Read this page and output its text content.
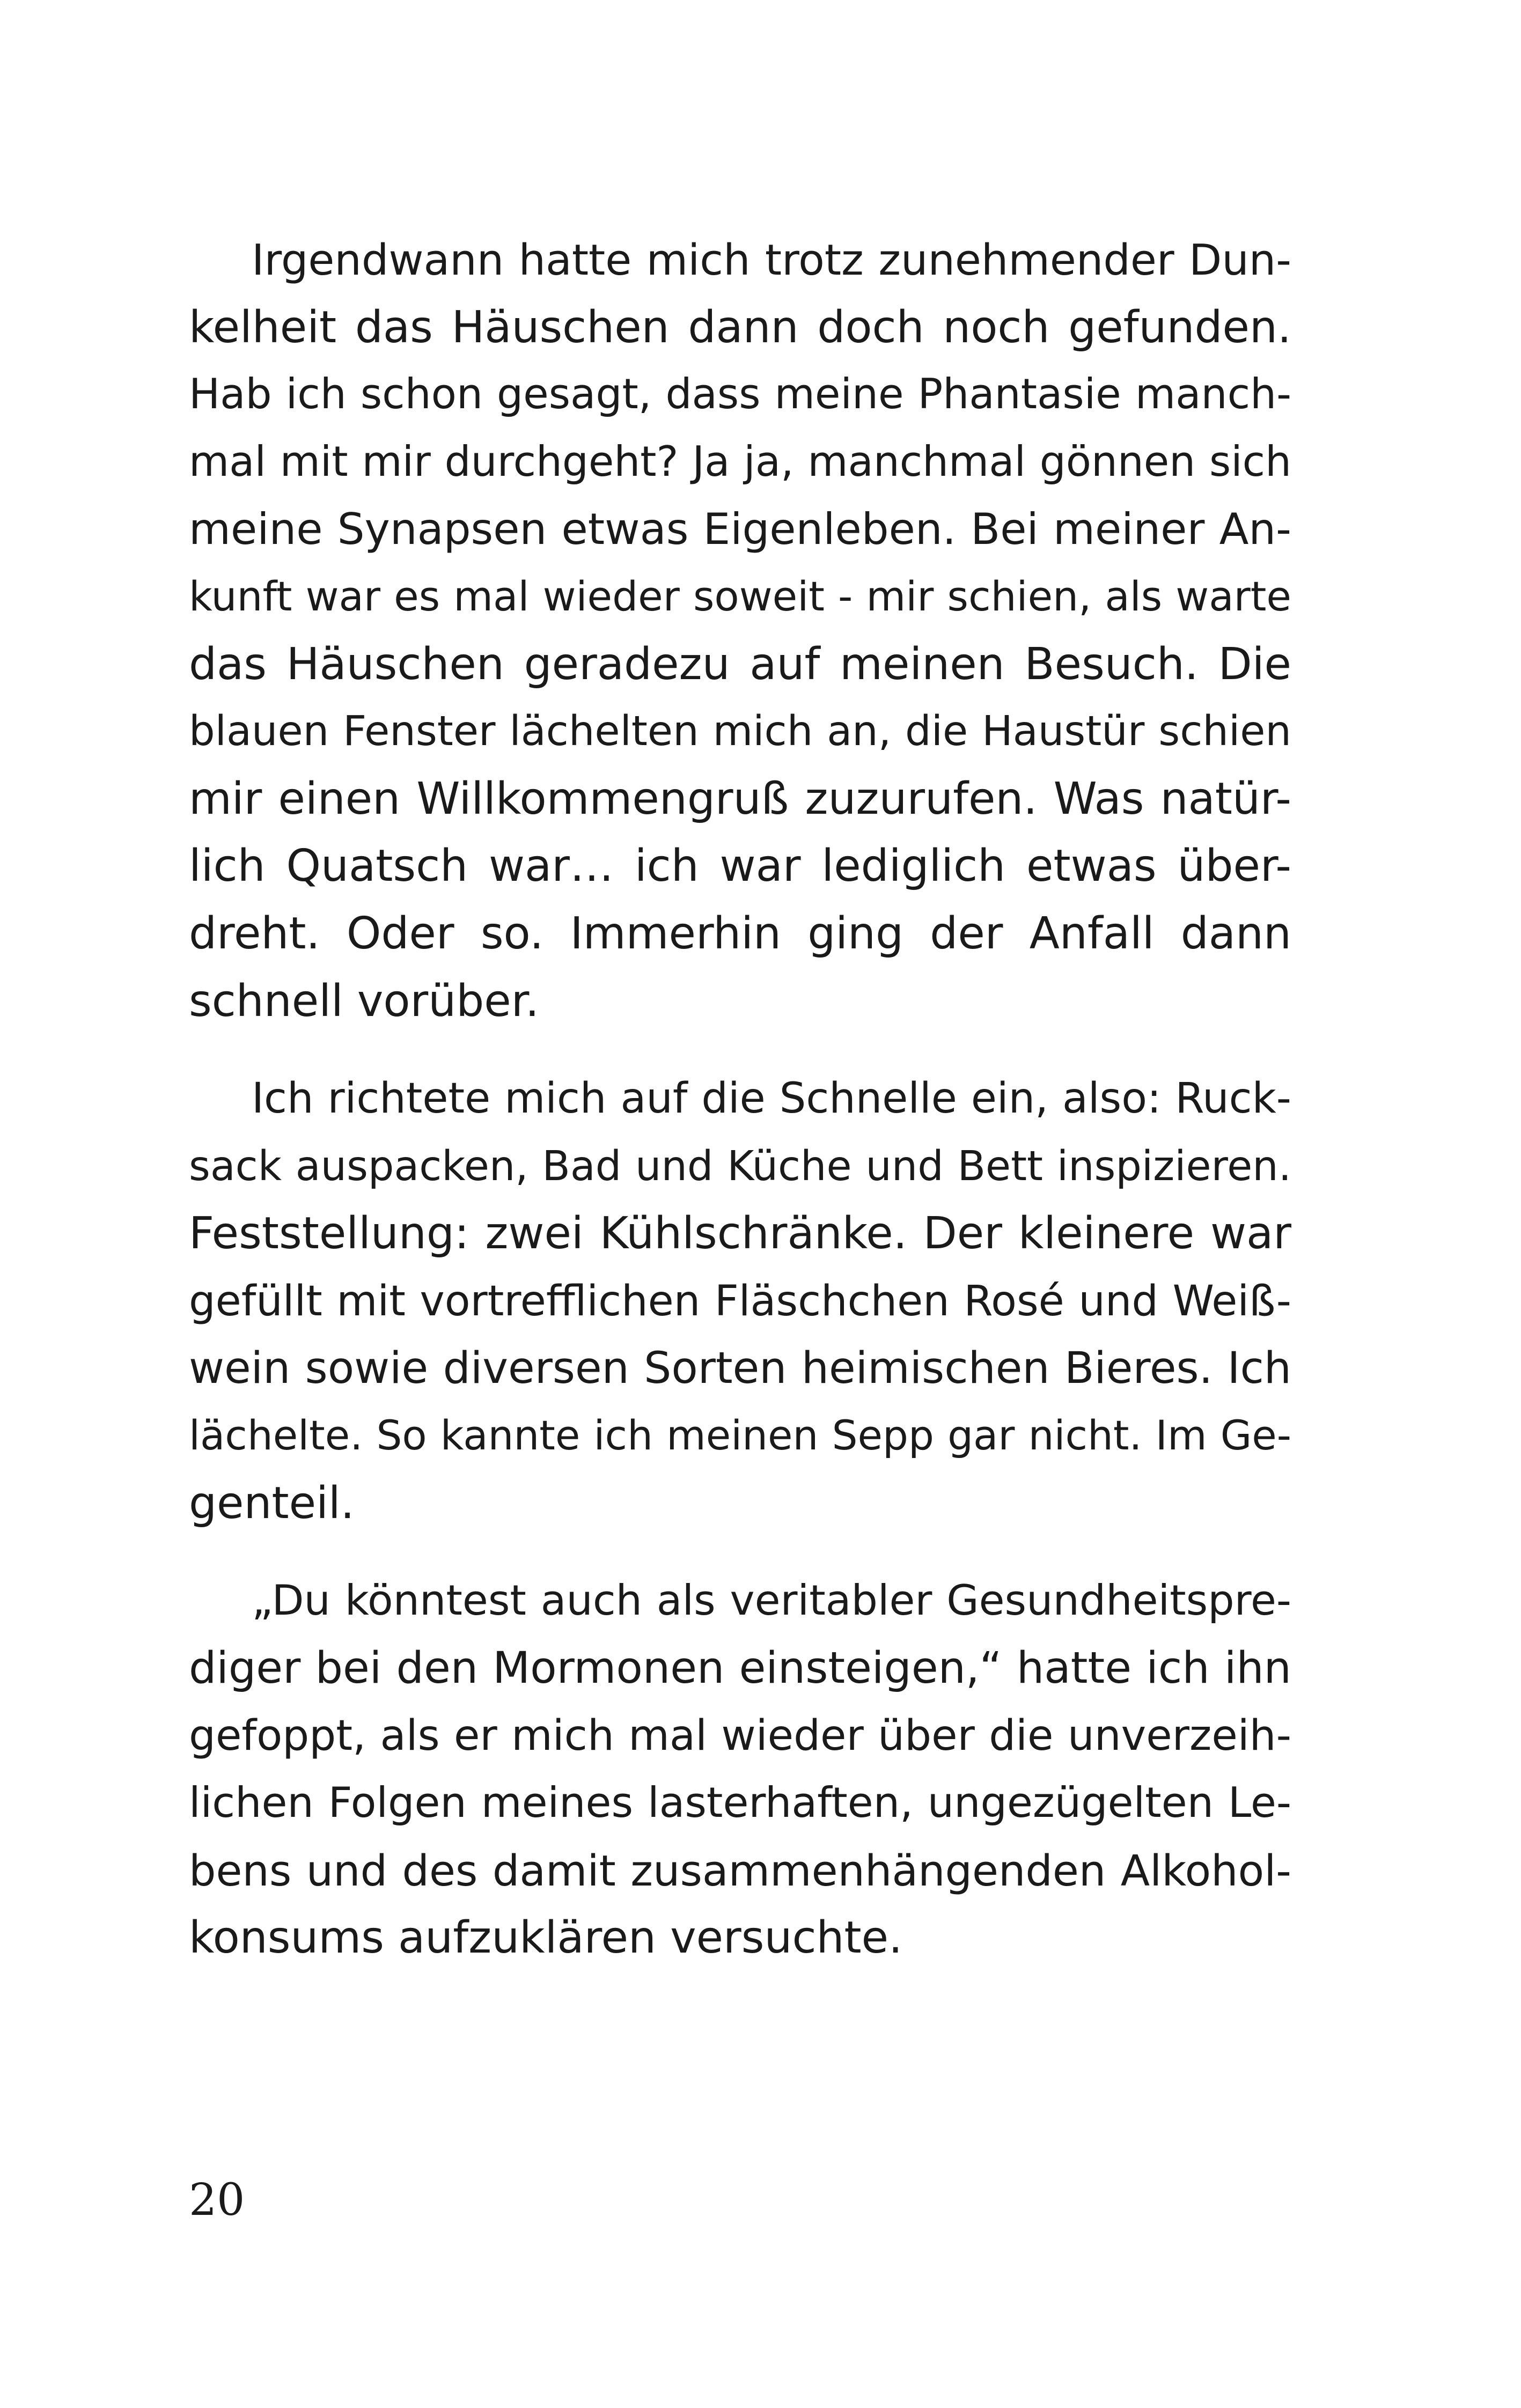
Irgendwann hatte mich trotz zunehmender Dun-
kelheit das Häuschen dann doch noch gefunden.
Hab ich schon gesagt, dass meine Phantasie manch-
mal mit mir durchgeht? Ja ja, manchmal gönnen sich
meine Synapsen etwas Eigenleben. Bei meiner An-
kunft war es mal wieder soweit - mir schien, als warte
das Häuschen geradezu auf meinen Besuch. Die
blauen Fenster lächelten mich an, die Haustür schien
mir einen Willkommengruß zuzurufen. Was natür-
lich Quatsch war… ich war lediglich etwas über-
dreht. Oder so. Immerhin ging der Anfall dann
schnell vorüber.
Ich richtete mich auf die Schnelle ein, also: Ruck-
sack auspacken, Bad und Küche und Bett inspizieren.
Feststellung: zwei Kühlschränke. Der kleinere war
gefüllt mit vortrefflichen Fläschchen Rosé und Weiß-
wein sowie diversen Sorten heimischen Bieres. Ich
lächelte. So kannte ich meinen Sepp gar nicht. Im Ge-
genteil.
„Du könntest auch als veritabler Gesundheitspre-
diger bei den Mormonen einsteigen,“ hatte ich ihn
gefoppt, als er mich mal wieder über die unverzeih-
lichen Folgen meines lasterhaften, ungezügelten Le-
bens und des damit zusammenhängenden Alkohol-
konsums aufzuklären versuchte.
20
